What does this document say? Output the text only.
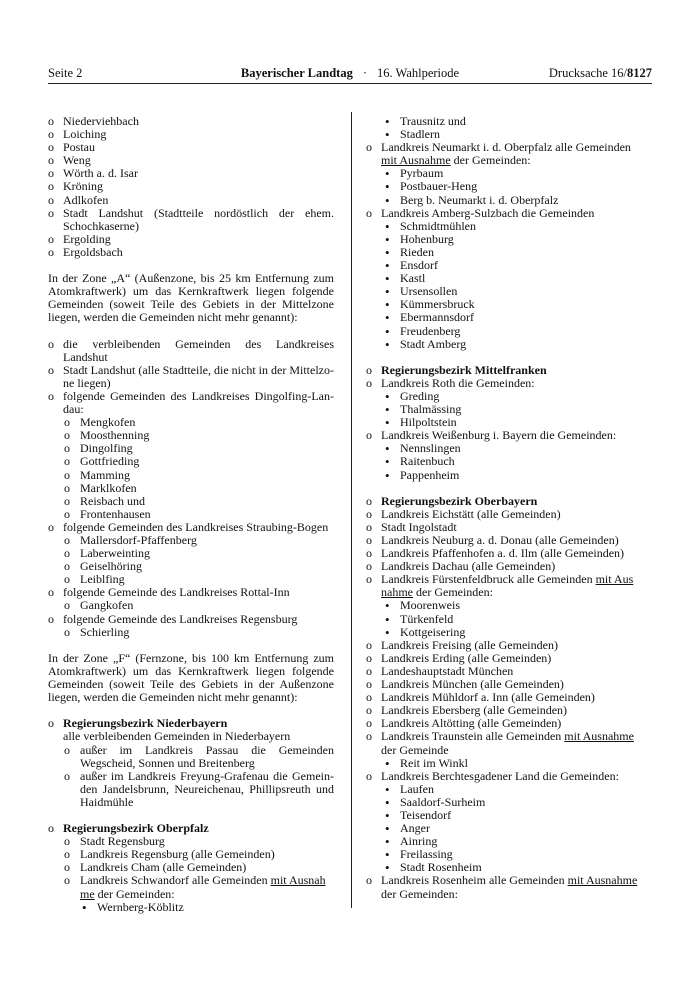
Seite 2	Bayerischer Landtag · 16. Wahlperiode	Drucksache 16/8127
o
Niederviehbach
o
Loiching
o
Postau
o
Weng
o
Wörth a. d. Isar
o
Kröning
o
Adlkofen
o
Stadt Landshut (Stadtteile nordöstlich der ehem. Schochkaserne)
o
Ergolding
o
Ergoldsbach

In der Zone „A“ (Außenzone, bis 25 km Entfernung zum Atomkraftwerk) um das Kernkraftwerk liegen folgende Gemeinden (soweit Teile des Gebiets in der Mittelzone liegen, werden die Gemeinden nicht mehr genannt):

o
die verbleibenden Gemeinden des Landkreises Landshut
o
Stadt Landshut (alle Stadtteile, die nicht in der Mittelzone liegen)
o
folgende Gemeinden des Landkreises Dingolfing-Landau:
o
Mengkofen
o
Moosthenning
o
Dingolfing
o
Gottfrieding
o
Mamming
o
Marklkofen
o
Reisbach und
o
Frontenhausen
o
folgende Gemeinden des Landkreises Straubing-Bogen
o
Mallersdorf-Pfaffenberg
o
Laberweinting
o
Geiselhöring
o
Leiblfing
o
folgende Gemeinde des Landkreises Rottal-Inn
o
Gangkofen
o
folgende Gemeinde des Landkreises Regensburg
o
Schierling

In der Zone „F“ (Fernzone, bis 100 km Entfernung zum Atomkraftwerk) um das Kernkraftwerk liegen folgende Gemeinden (soweit Teile des Gebiets in der Außenzone liegen, werden die Gemeinden nicht mehr genannt):

o
Regierungsbezirk Niederbayern
alle verbleibenden Gemeinden in Niederbayern
o
außer im Landkreis Passau die Gemeinden Wegscheid, Sonnen und Breitenberg
o
außer im Landkreis Freyung-Grafenau die Gemeinden Jandelsbrunn, Neureichenau, Phillipsreuth und Haidmühle
o
Regierungsbezirk Oberpfalz
o
Stadt Regensburg
o
Landkreis Regensburg (alle Gemeinden)
o
Landkreis Cham (alle Gemeinden)
o
Landkreis Schwandorf alle Gemeinden mit Ausnah
me der Gemeinden:
•
Wernberg-Köblitz
•
Trausnitz und
•
Stadlern
o
Landkreis Neumarkt i. d. Oberpfalz alle Gemeinden
mit Ausnahme der Gemeinden:
•
Pyrbaum
•
Postbauer-Heng
•
Berg b. Neumarkt i. d. Oberpfalz
o
Landkreis Amberg-Sulzbach die Gemeinden
•
Schmidtmühlen
•
Hohenburg
•
Rieden
•
Ensdorf
•
Kastl
•
Ursensollen
•
Kümmersbruck
•
Ebermannsdorf
•
Freudenberg
•
Stadt Amberg
o
Regierungsbezirk Mittelfranken
o
Landkreis Roth die Gemeinden:
•
Greding
•
Thalmässing
•
Hilpoltstein
o
Landkreis Weißenburg i. Bayern die Gemeinden:
•
Nennslingen
•
Raitenbuch
•
Pappenheim
o
Regierungsbezirk Oberbayern
o
Landkreis Eichstätt (alle Gemeinden)
o
Stadt Ingolstadt
o
Landkreis Neuburg a. d. Donau (alle Gemeinden)
o
Landkreis Pfaffenhofen a. d. Ilm (alle Gemeinden)
o
Landkreis Dachau (alle Gemeinden)
o
Landkreis Fürstenfeldbruck alle Gemeinden mit Aus
nahme der Gemeinden:
•
Moorenweis
•
Türkenfeld
•
Kottgeisering
o
Landkreis Freising (alle Gemeinden)
o
Landkreis Erding (alle Gemeinden)
o
Landeshauptstadt München
o
Landkreis München (alle Gemeinden)
o
Landkreis Mühldorf a. Inn (alle Gemeinden)
o
Landkreis Ebersberg (alle Gemeinden)
o
Landkreis Altötting (alle Gemeinden)
o
Landkreis Traunstein alle Gemeinden mit Ausnahme
der Gemeinde
•
Reit im Winkl
o
Landkreis Berchtesgadener Land die Gemeinden:
•
Laufen
•
Saaldorf-Surheim
•
Teisendorf
•
Anger
•
Ainring
•
Freilassing
•
Stadt Rosenheim
o
Landkreis Rosenheim alle Gemeinden mit Ausnahme
der Gemeinden:
